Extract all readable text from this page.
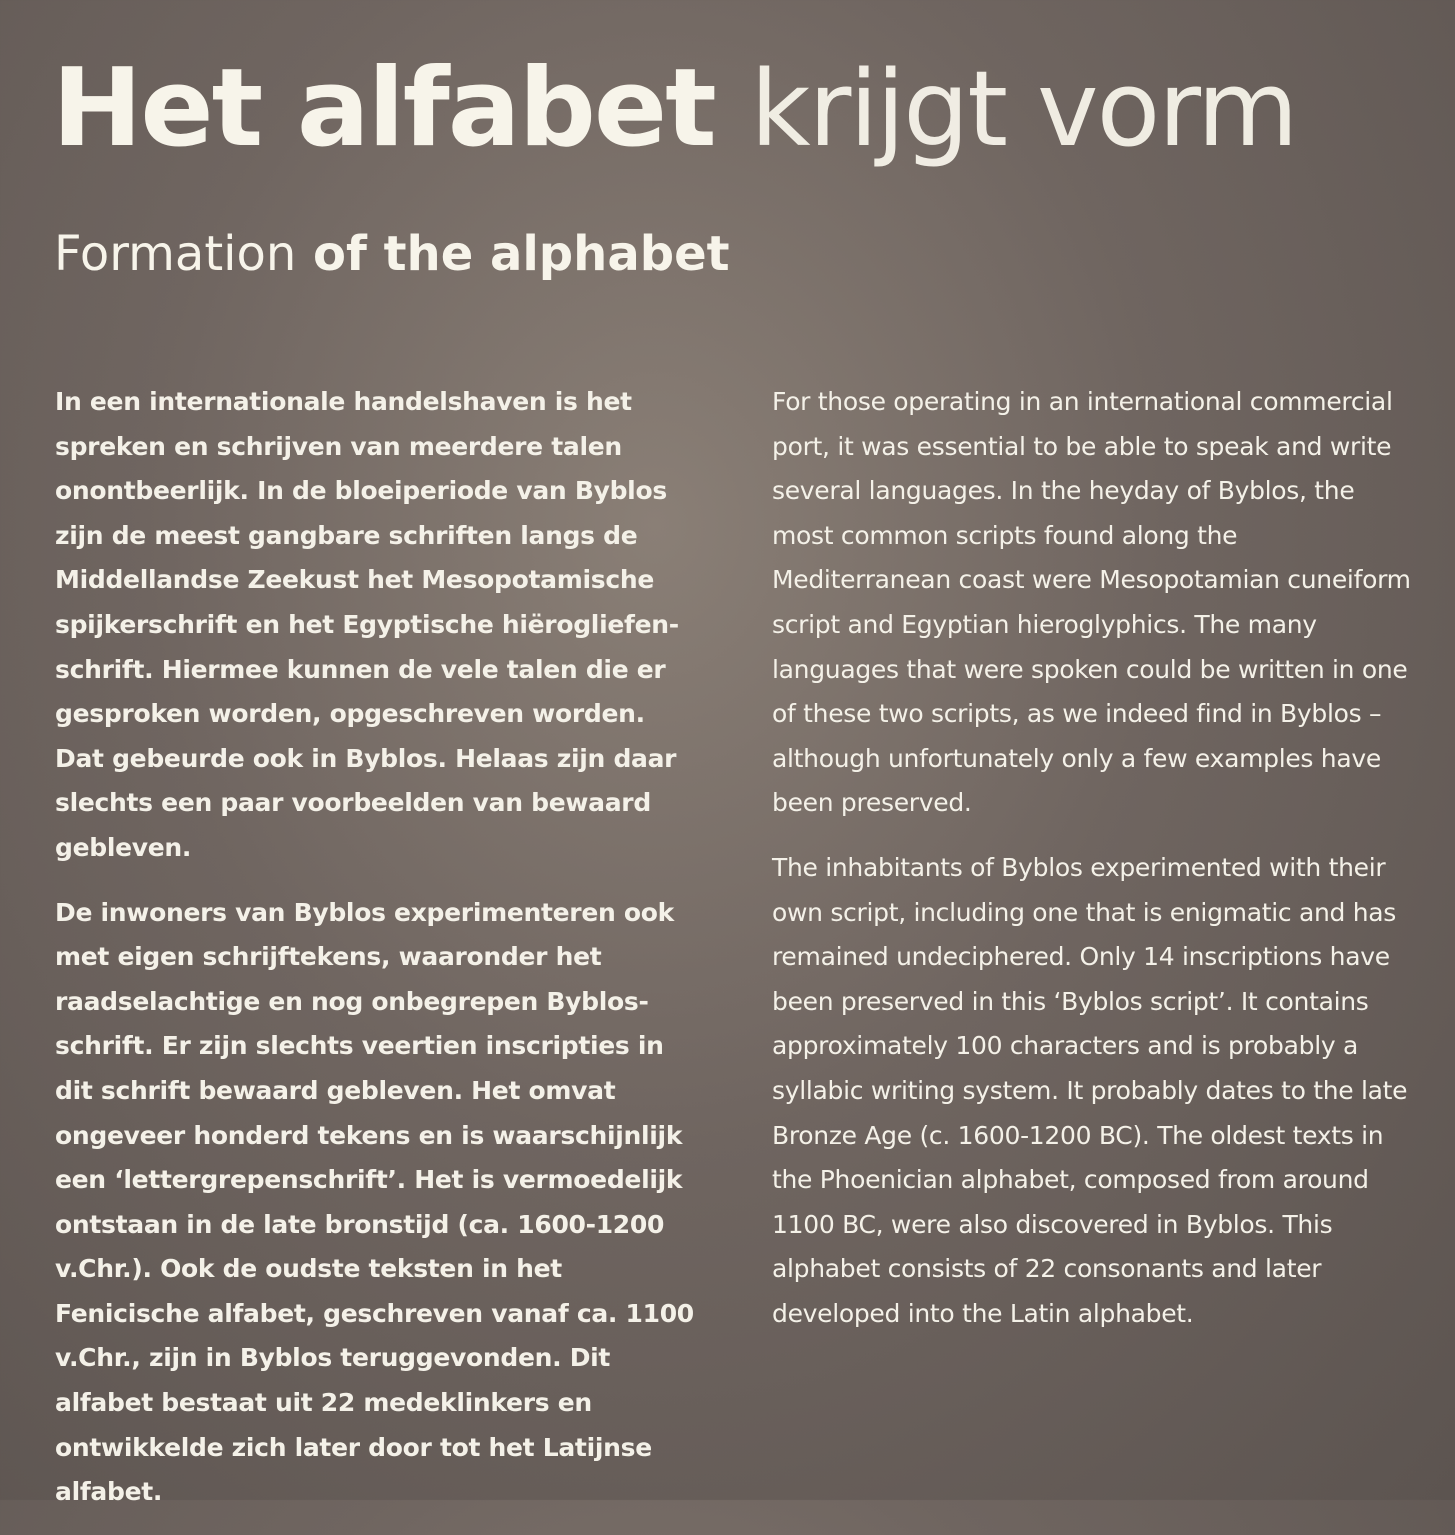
Het alfabet krijgt vorm
Formation of the alphabet

In een internationale handelshaven is het spreken en schrijven van meerdere talen onontbeerlijk. In de bloeiperiode van Byblos zijn de meest gangbare schriften langs de Middellandse Zeekust het Mesopotamische spijkerschrift en het Egyptische hiërogliefenschrift. Hiermee kunnen de vele talen die er gesproken worden, opgeschreven worden. Dat gebeurde ook in Byblos. Helaas zijn daar slechts een paar voorbeelden van bewaard gebleven.

De inwoners van Byblos experimenteren ook met eigen schrijftekens, waaronder het raadselachtige en nog onbegrepen Byblosschrift. Er zijn slechts veertien inscripties in dit schrift bewaard gebleven. Het omvat ongeveer honderd tekens en is waarschijnlijk een ‘lettergrepenschrift’. Het is vermoedelijk ontstaan in de late bronstijd (ca. 1600-1200 v.Chr.). Ook de oudste teksten in het Fenicische alfabet, geschreven vanaf ca. 1100 v.Chr., zijn in Byblos teruggevonden. Dit alfabet bestaat uit 22 medeklinkers en ontwikkelde zich later door tot het Latijnse alfabet.

For those operating in an international commercial port, it was essential to be able to speak and write several languages. In the heyday of Byblos, the most common scripts found along the Mediterranean coast were Mesopotamian cuneiform script and Egyptian hieroglyphics. The many languages that were spoken could be written in one of these two scripts, as we indeed find in Byblos – although unfortunately only a few examples have been preserved.

The inhabitants of Byblos experimented with their own script, including one that is enigmatic and has remained undeciphered. Only 14 inscriptions have been preserved in this ‘Byblos script’. It contains approximately 100 characters and is probably a syllabic writing system. It probably dates to the late Bronze Age (c. 1600-1200 BC). The oldest texts in the Phoenician alphabet, composed from around 1100 BC, were also discovered in Byblos. This alphabet consists of 22 consonants and later developed into the Latin alphabet.
